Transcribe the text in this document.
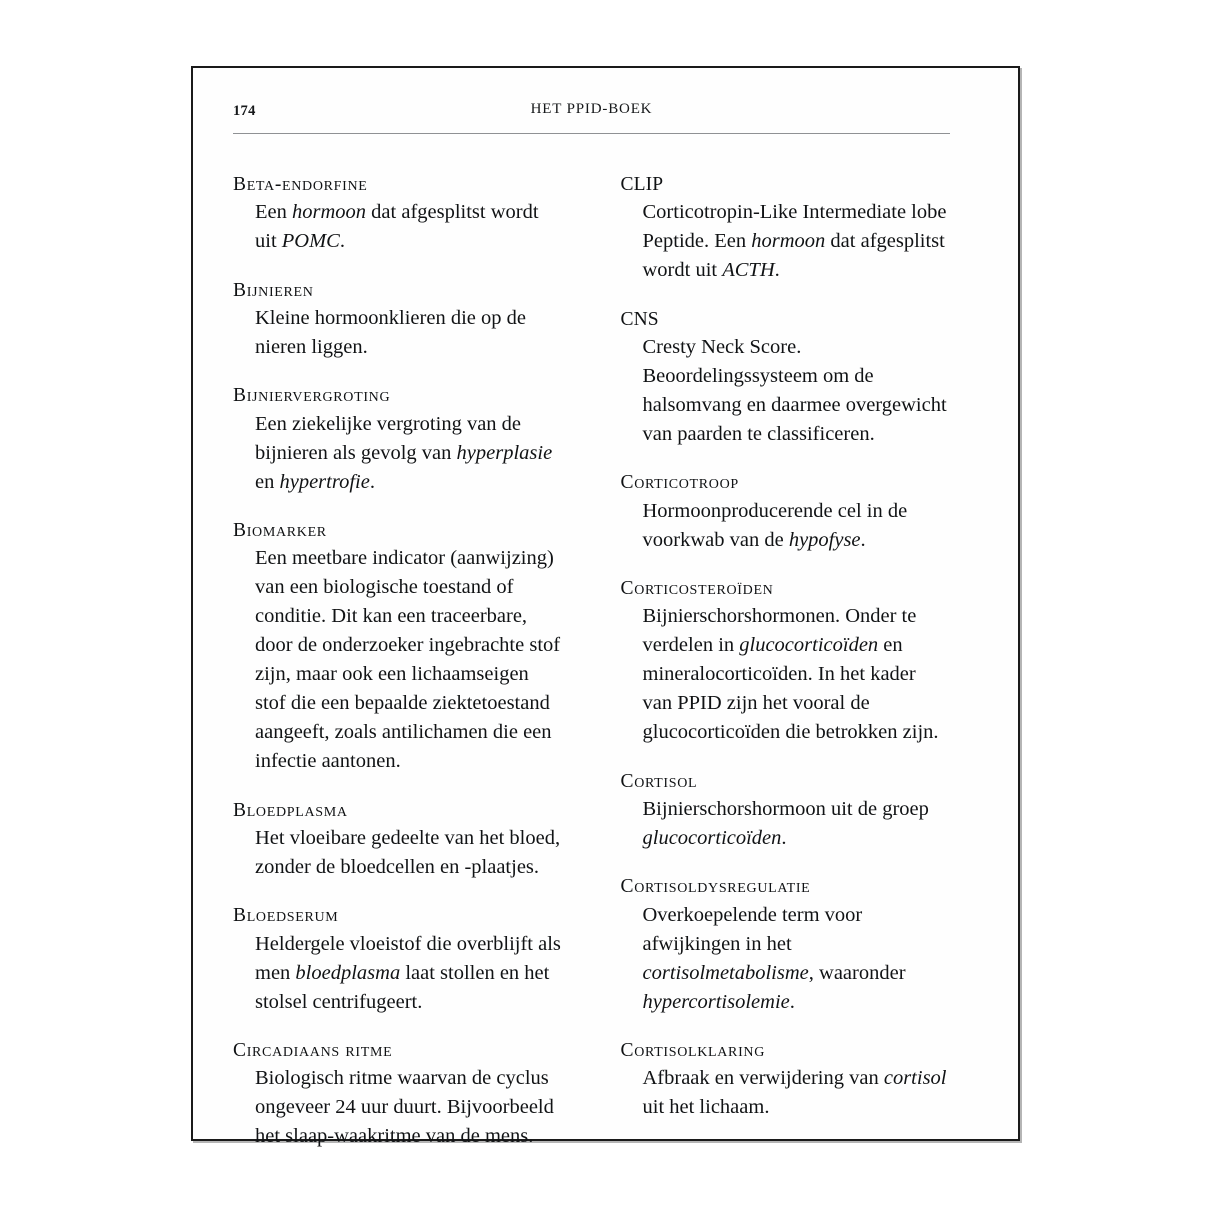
174	HET PPID-BOEK
Beta-endorfine
Een hormoon dat afgesplitst wordt uit POMC.
Bijnieren
Kleine hormoonklieren die op de nieren liggen.
Bijniervergroting
Een ziekelijke vergroting van de bijnieren als gevolg van hyperplasie en hypertrofie.
Biomarker
Een meetbare indicator (aanwijzing) van een biologische toestand of conditie. Dit kan een traceerbare, door de onderzoeker ingebrachte stof zijn, maar ook een lichaamseigen stof die een bepaalde ziektetoestand aangeeft, zoals antilichamen die een infectie aantonen.
Bloedplasma
Het vloeibare gedeelte van het bloed, zonder de bloedcellen en -plaatjes.
Bloedserum
Heldergele vloeistof die overblijft als men bloedplasma laat stollen en het stolsel centrifugeert.
Circadiaans ritme
Biologisch ritme waarvan de cyclus ongeveer 24 uur duurt. Bijvoorbeeld het slaap-waakritme van de mens.
CLIP
Corticotropin-Like Intermediate lobe Peptide. Een hormoon dat afgesplitst wordt uit ACTH.
CNS
Cresty Neck Score. Beoordelingssysteem om de halsomvang en daarmee overgewicht van paarden te classificeren.
Corticotroop
Hormoonproducerende cel in de voorkwab van de hypofyse.
Corticosteroïden
Bijnierschorshormonen. Onder te verdelen in glucocorticoïden en mineralocorticoïden. In het kader van PPID zijn het vooral de glucocorticoïden die betrokken zijn.
Cortisol
Bijnierschorshormoon uit de groep glucocorticoïden.
Cortisoldysregulatie
Overkoepelende term voor afwijkingen in het cortisolmetabolisme, waaronder hypercortisolemie.
Cortisolklaring
Afbraak en verwijdering van cortisol uit het lichaam.
